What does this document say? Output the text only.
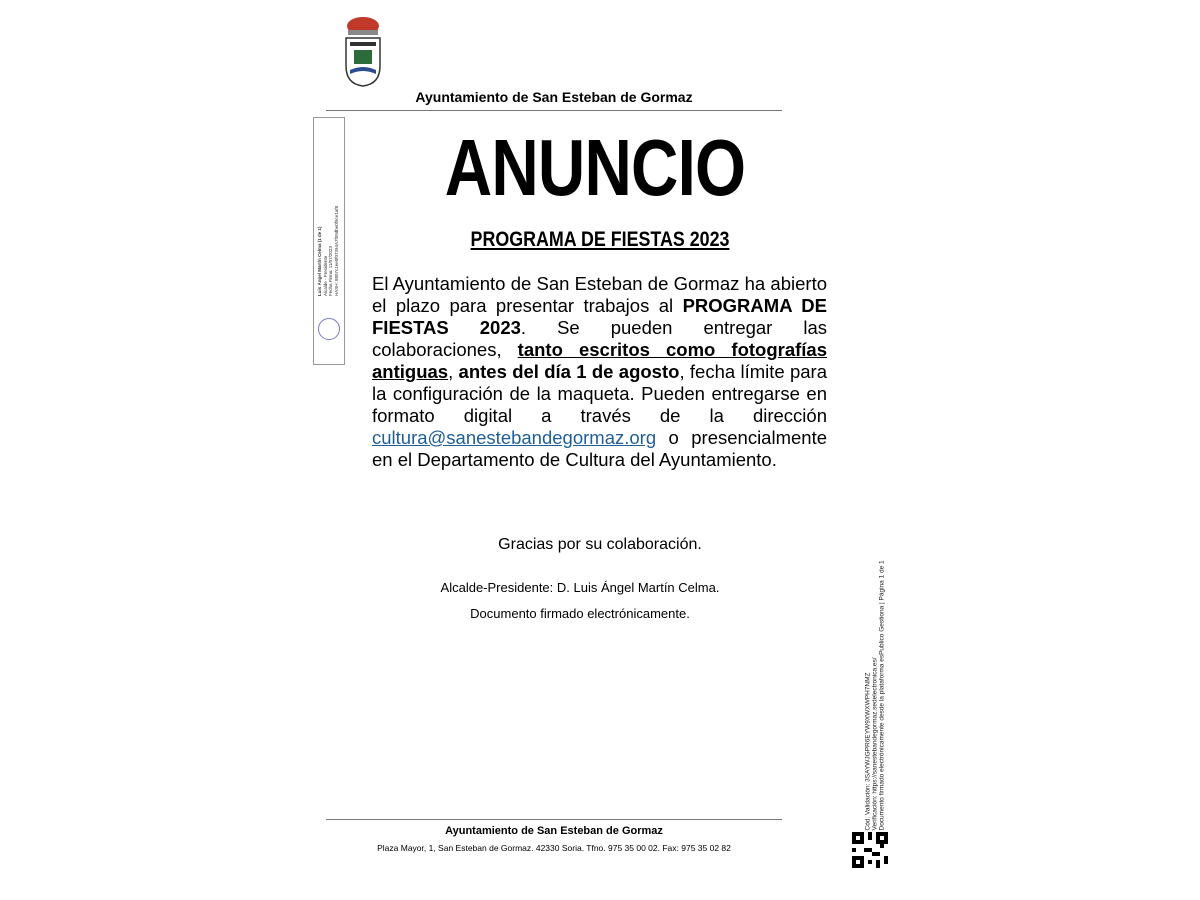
Ayuntamiento de San Esteban de Gormaz
Luis Ángel Martín Celma (1 de 1) Alcalde - Presidente Fecha Firma: 11/07/2023 HASH: 8807c1ee0f07394A7f09dbe0f9ce1af8
ANUNCIO
PROGRAMA DE FIESTAS 2023
El Ayuntamiento de San Esteban de Gormaz ha abierto el plazo para presentar trabajos al PROGRAMA DE FIESTAS 2023. Se pueden entregar las colaboraciones, tanto escritos como fotografías antiguas, antes del día 1 de agosto, fecha límite para la configuración de la maqueta. Pueden entregarse en formato digital a través de la dirección cultura@sanestebandegormaz.org o presencialmente en el Departamento de Cultura del Ayuntamiento.
Gracias por su colaboración.
Alcalde-Presidente: D. Luis Ángel Martín Celma.
Documento firmado electrónicamente.
Ayuntamiento de San Esteban de Gormaz
Plaza Mayor, 1, San Esteban de Gormaz. 42330 Soria. Tfno. 975 35 00 02. Fax: 975 35 02 82
Cód. Validación: 3SAYWJGPR6EYW9XWXWPH7NMZ Verificación: https://sanestebandegormaz.sedelectronica.es/ Documento firmado electrónicamente desde la plataforma esPublico Gestiona | Página 1 de 1
